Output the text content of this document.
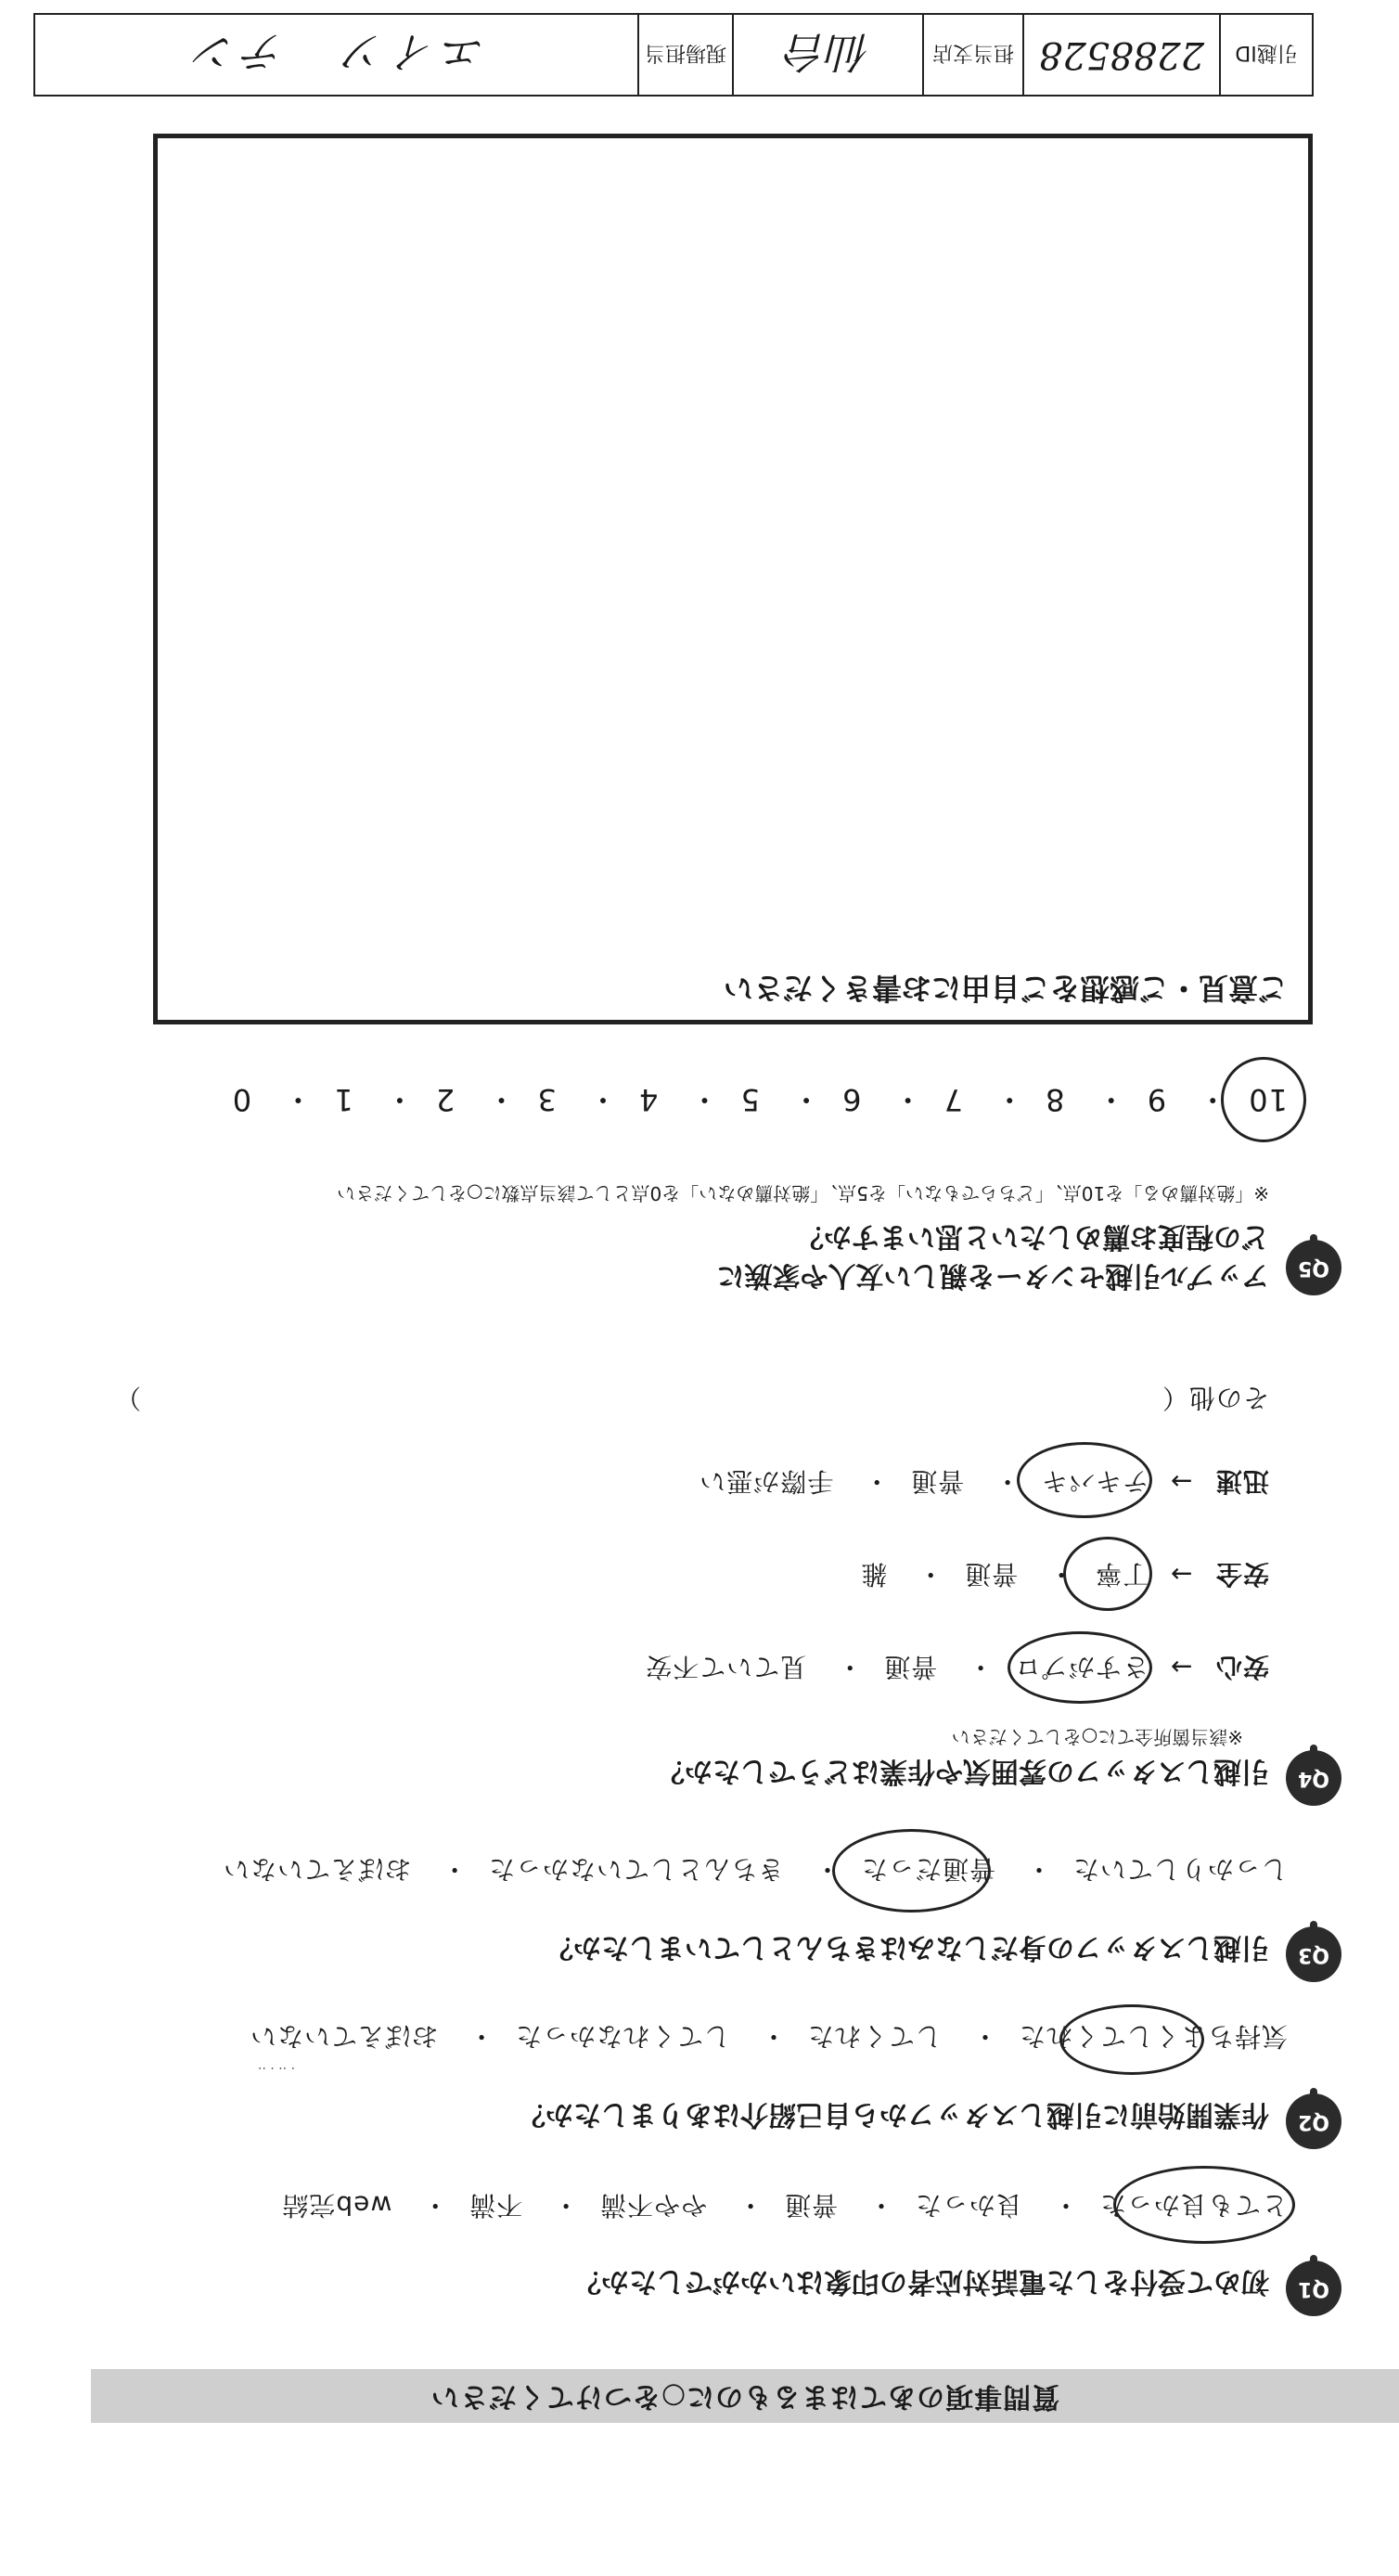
質問事項のあてはまるものに○をつけてください
Q1
初めて受付をした電話対応者の印象はいかがでしたか？
とても良かった・ 良かった・ 普通・ やや不満・ 不満・ web完結
Q2
作業開始前に引越しスタッフから自己紹介はありましたか？
気持ちよくしてくれた・ してくれた・ してくれなかった・ おぼえていない
· ·· · ··
Q3
引越しスタッフの身だしなみはきちんとしていましたか？
しっかりしていた・ 普通だった・ きちんとしていなかった・ おぼえていない
Q4
引越しスタッフの雰囲気や作業はどうでしたか？
※該当箇所全てに○をしてください
安心 → さすがプロ・ 普通・ 見ていて不安
安全 → 丁寧・ 普通・ 雑
迅速 → テキパキ・ 普通・ 手際が悪い
その他（  ）
Q5
アップル引越センターを親しい友人や家族に
どの程度お薦めしたいと思いますか？
※「絶対薦める」を10点、「どちらでもない」を5点、「絶対薦めない」を0点として該当点数に○をしてください
10・ 9・ 8・ 7・ 6・ 5・ 4・ 3・ 2・ 1・ 0
ご意見・ご感想をご自由にお書きください
引越ID
2288528
担当支店
仙台
現場担当
エイソ　テン
